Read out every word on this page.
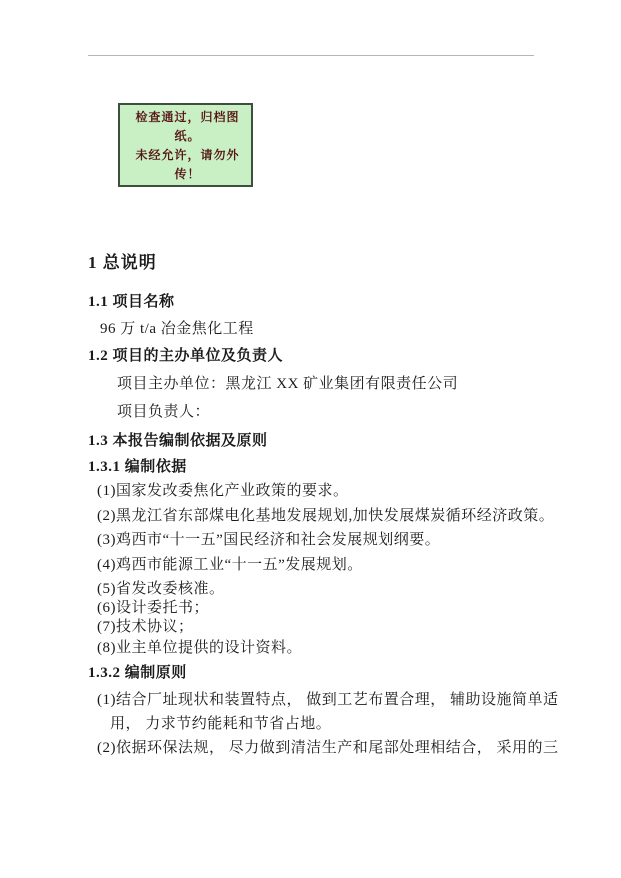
检查通过，归档图
纸。
未经允许，请勿外
传！
1 总说明
1.1 项目名称
96 万 t/a 冶金焦化工程
1.2 项目的主办单位及负责人
项目主办单位：黑龙江 XX 矿业集团有限责任公司
项目负责人：
1.3 本报告编制依据及原则
1.3.1 编制依据
(1)国家发改委焦化产业政策的要求。
(2)黑龙江省东部煤电化基地发展规划,加快发展煤炭循环经济政策。
(3)鸡西市“十一五”国民经济和社会发展规划纲要。
(4)鸡西市能源工业“十一五”发展规划。
(5)省发改委核准。
(6)设计委托书；
(7)技术协议；
(8)业主单位提供的设计资料。
1.3.2 编制原则
(1)结合厂址现状和装置特点， 做到工艺布置合理， 辅助设施简单适
用， 力求节约能耗和节省占地。
(2)依据环保法规， 尽力做到清洁生产和尾部处理相结合， 采用的三
